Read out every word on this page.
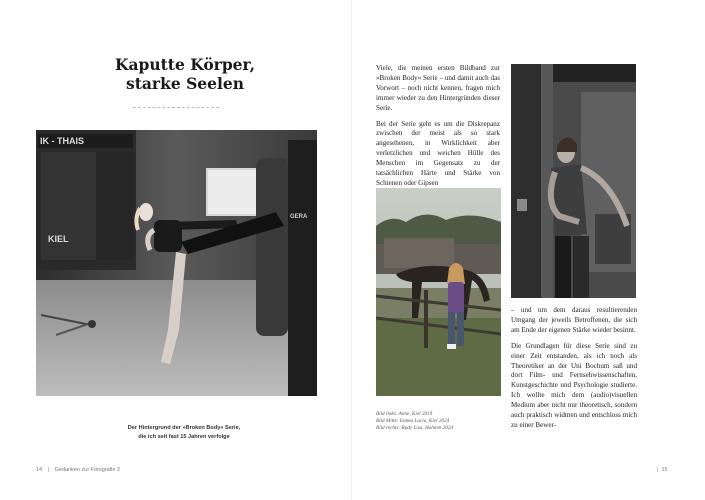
Kaputte Körper,
starke Seelen
IK - THAIS
KIEL
GERA
Der Hintergrund der »Broken Body« Serie,
die ich seit fast 15 Jahren verfolge
14 | Gedanken zur Fotografie 2

Viele, die meinen ersten Bildband zur »Broken Body« Serie – und damit auch das Vorwort – noch nicht kennen, fragen mich immer wieder zu den Hintergründen dieser Serie.

Bei der Serie geht es um die Diskrepanz zwischen der meist als so stark angesehenen, in Wirklichkeit aber verletzlichen und weichen Hülle des Menschen im Gegensatz zu der tatsächlichen Härte und Stärke von Schienen oder Gipsen

– und um dem daraus resultierenden Umgang der jeweils Betroffenen, die sich am Ende der eigenen Stärke wieder besinnt.

Die Grundlagen für diese Serie sind zu einer Zeit entstanden, als ich noch als Theoretiker an der Uni Bochum saß und dort Film- und Fernsehwissenschaften, Kunstgeschichte und Psychologie studierte. Ich wollte mich dem (audio)visuellen Medium aber nicht nur theoretisch, sondern auch praktisch widmen und entschloss mich zu einer Bewer-

Bild links: Anne, Kiel 2019
Bild Mitte: Emma Lucia, Kiel 2024
Bild rechts: Rudy Lisa, Hohnen 2024
| 15
